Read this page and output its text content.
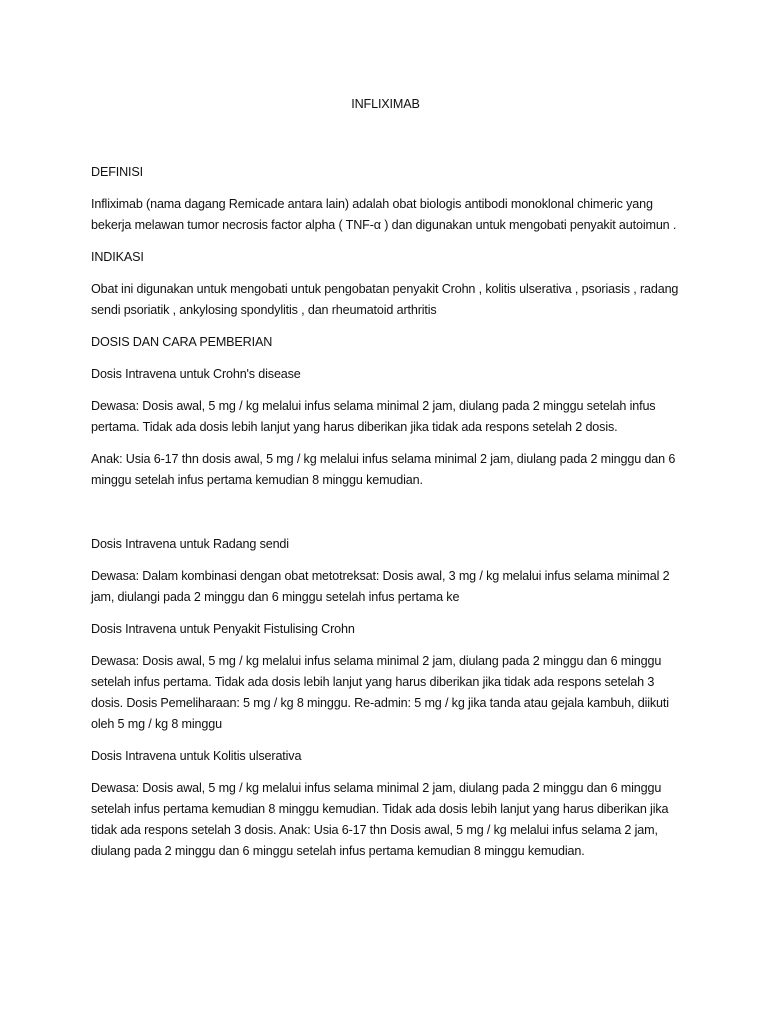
INFLIXIMAB
DEFINISI
Infliximab (nama dagang Remicade antara lain) adalah obat biologis antibodi monoklonal chimeric yang bekerja melawan tumor necrosis factor alpha ( TNF-α ) dan digunakan untuk mengobati penyakit autoimun .
INDIKASI
Obat ini digunakan untuk mengobati untuk pengobatan penyakit Crohn , kolitis ulserativa , psoriasis , radang sendi psoriatik , ankylosing spondylitis , dan rheumatoid arthritis
DOSIS DAN CARA PEMBERIAN
Dosis Intravena untuk Crohn's disease
Dewasa: Dosis awal, 5 mg / kg melalui infus selama minimal 2 jam, diulang pada 2 minggu setelah infus pertama. Tidak ada dosis lebih lanjut yang harus diberikan jika tidak ada respons setelah 2 dosis.
Anak: Usia 6-17 thn dosis awal, 5 mg / kg melalui infus selama minimal 2 jam, diulang pada 2 minggu dan 6 minggu setelah infus pertama kemudian 8 minggu kemudian.
Dosis Intravena untuk Radang sendi
Dewasa: Dalam kombinasi dengan obat metotreksat: Dosis awal, 3 mg / kg melalui infus selama minimal 2 jam, diulangi pada 2 minggu dan 6 minggu setelah infus pertama ke
Dosis Intravena untuk Penyakit Fistulising Crohn
Dewasa: Dosis awal, 5 mg / kg melalui infus selama minimal 2 jam, diulang pada 2 minggu dan 6 minggu setelah infus pertama. Tidak ada dosis lebih lanjut yang harus diberikan jika tidak ada respons setelah 3 dosis. Dosis Pemeliharaan: 5 mg / kg 8 minggu. Re-admin: 5 mg / kg jika tanda atau gejala kambuh, diikuti oleh 5 mg / kg 8 minggu
Dosis Intravena untuk Kolitis ulserativa
Dewasa: Dosis awal, 5 mg / kg melalui infus selama minimal 2 jam, diulang pada 2 minggu dan 6 minggu setelah infus pertama kemudian 8 minggu kemudian. Tidak ada dosis lebih lanjut yang harus diberikan jika tidak ada respons setelah 3 dosis. Anak: Usia 6-17 thn Dosis awal, 5 mg / kg melalui infus selama 2 jam, diulang pada 2 minggu dan 6 minggu setelah infus pertama kemudian 8 minggu kemudian.
